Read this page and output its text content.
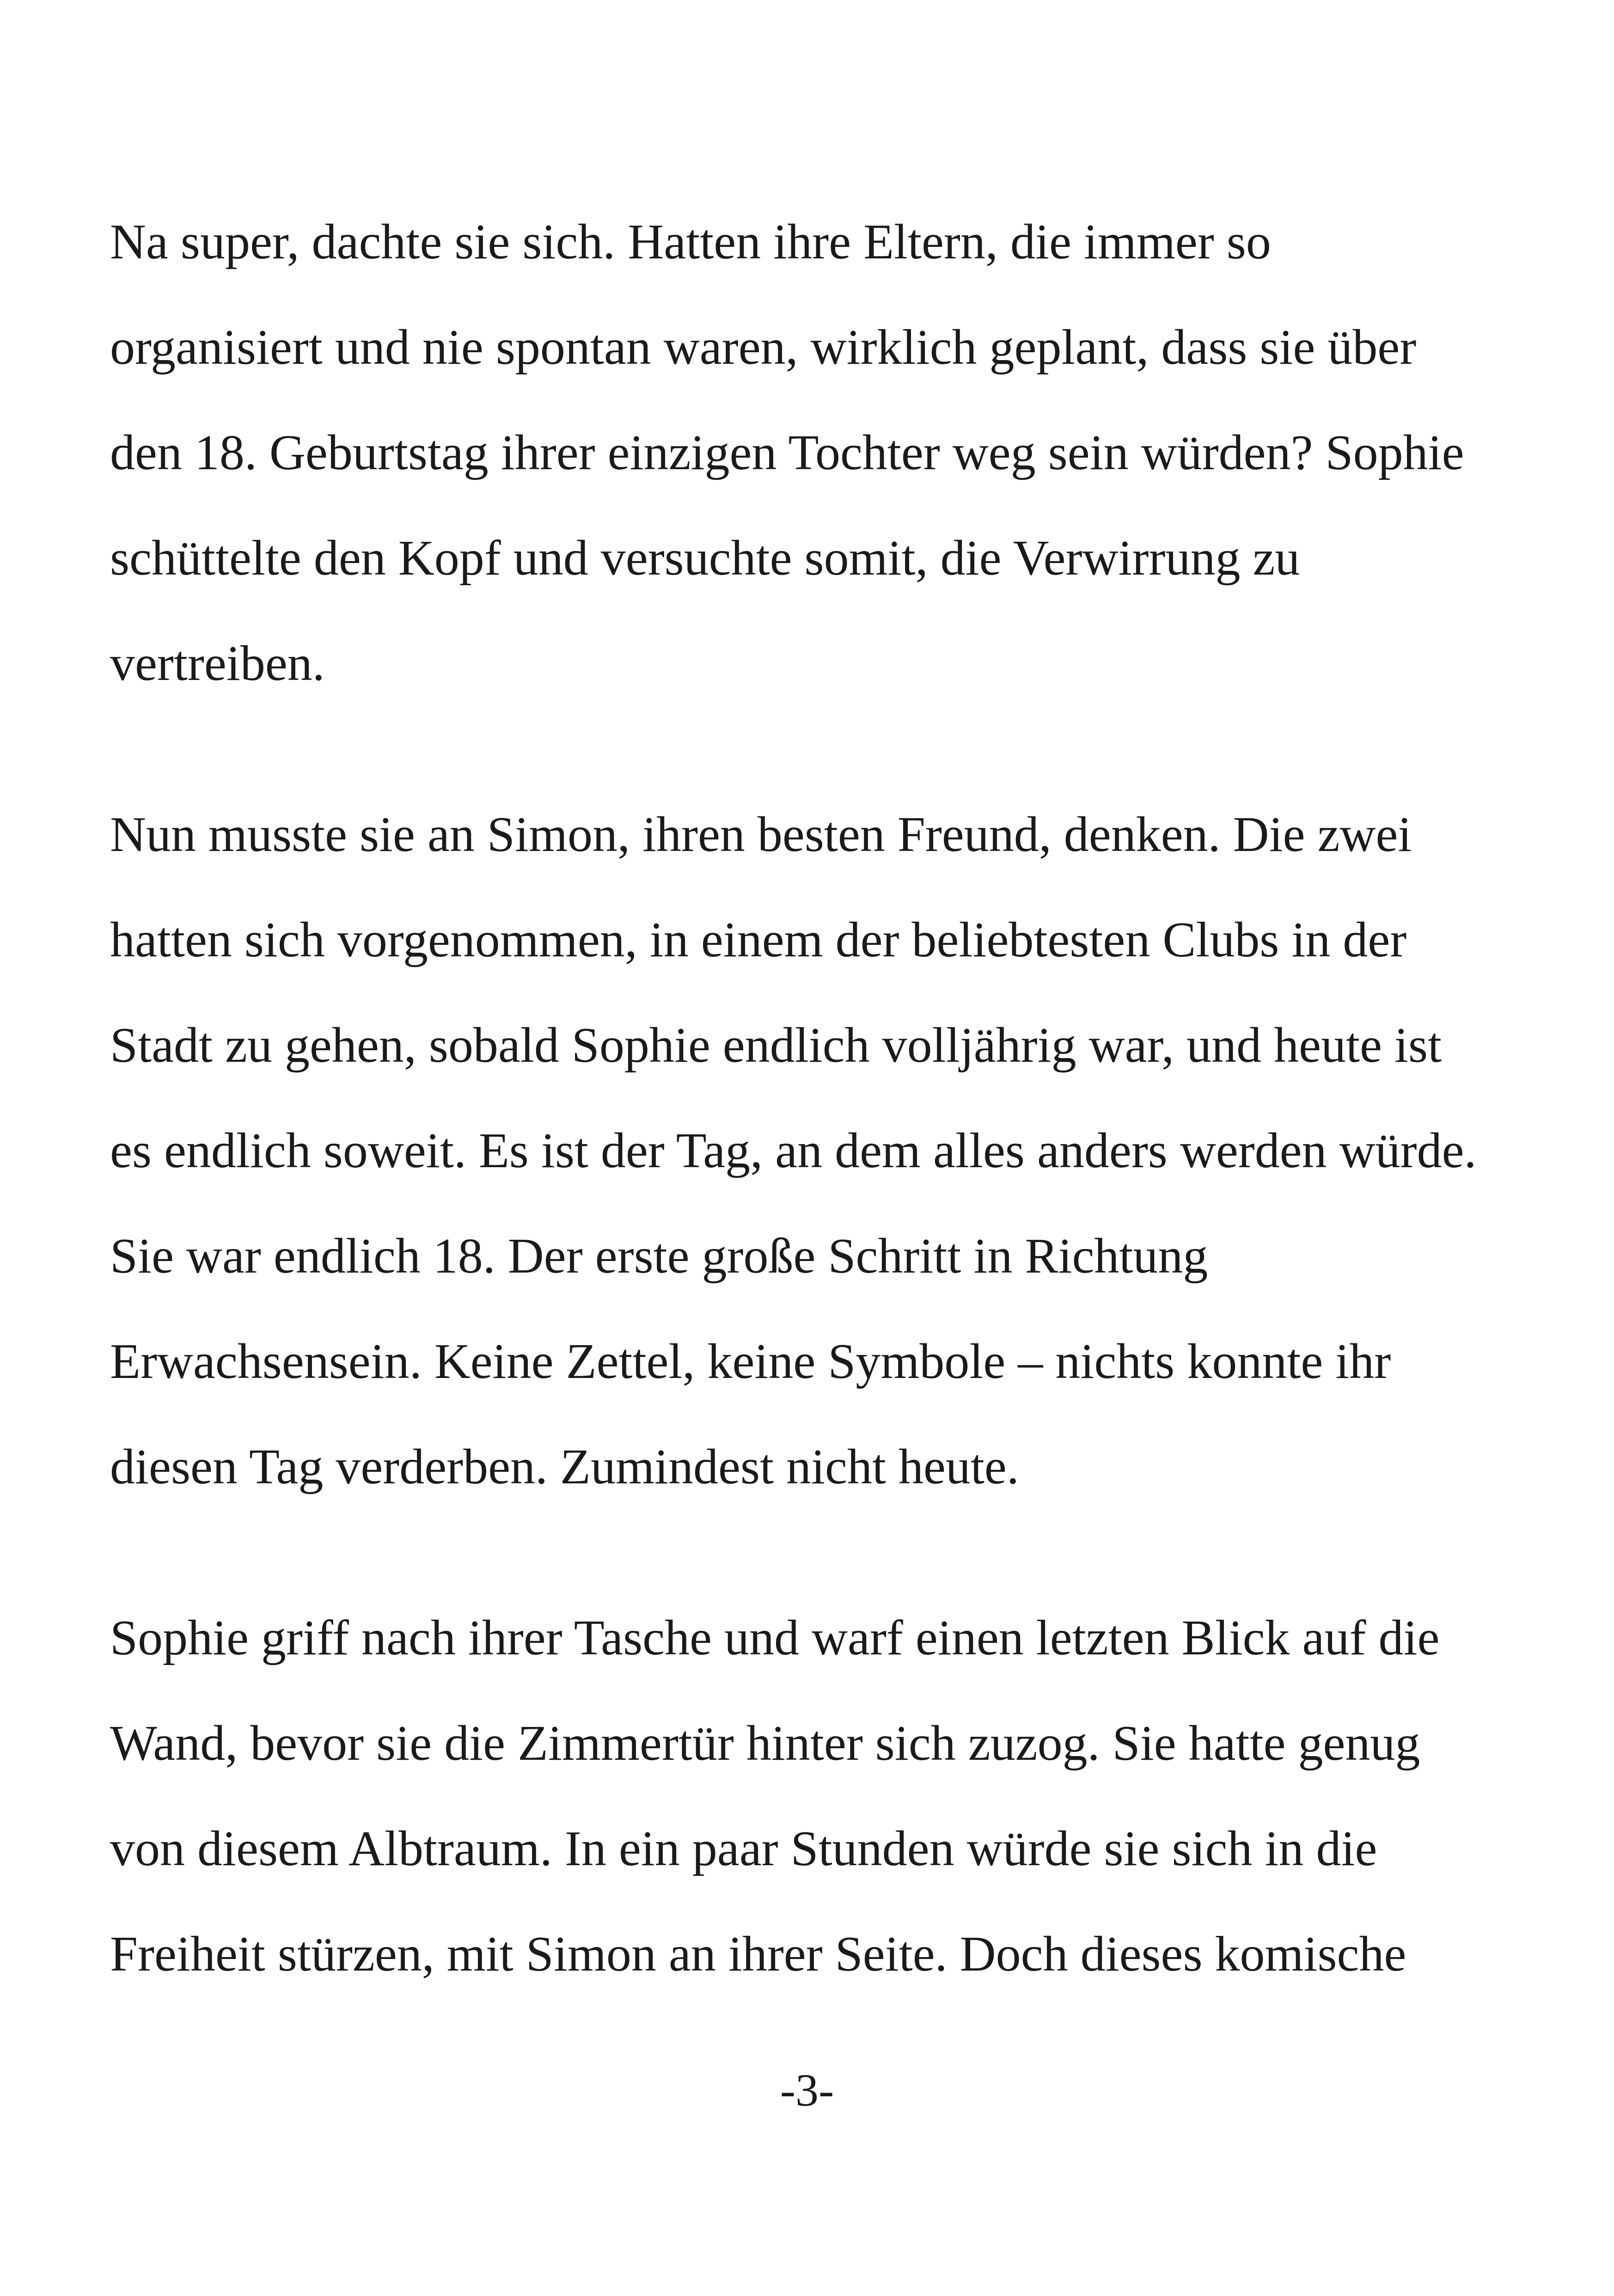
Na super, dachte sie sich. Hatten ihre Eltern, die immer so
organisiert und nie spontan waren, wirklich geplant, dass sie über
den 18. Geburtstag ihrer einzigen Tochter weg sein würden? Sophie
schüttelte den Kopf und versuchte somit, die Verwirrung zu
vertreiben.
Nun musste sie an Simon, ihren besten Freund, denken. Die zwei
hatten sich vorgenommen, in einem der beliebtesten Clubs in der
Stadt zu gehen, sobald Sophie endlich volljährig war, und heute ist
es endlich soweit. Es ist der Tag, an dem alles anders werden würde.
Sie war endlich 18. Der erste große Schritt in Richtung
Erwachsensein. Keine Zettel, keine Symbole – nichts konnte ihr
diesen Tag verderben. Zumindest nicht heute.
Sophie griff nach ihrer Tasche und warf einen letzten Blick auf die
Wand, bevor sie die Zimmertür hinter sich zuzog. Sie hatte genug
von diesem Albtraum. In ein paar Stunden würde sie sich in die
Freiheit stürzen, mit Simon an ihrer Seite. Doch dieses komische
-3-
